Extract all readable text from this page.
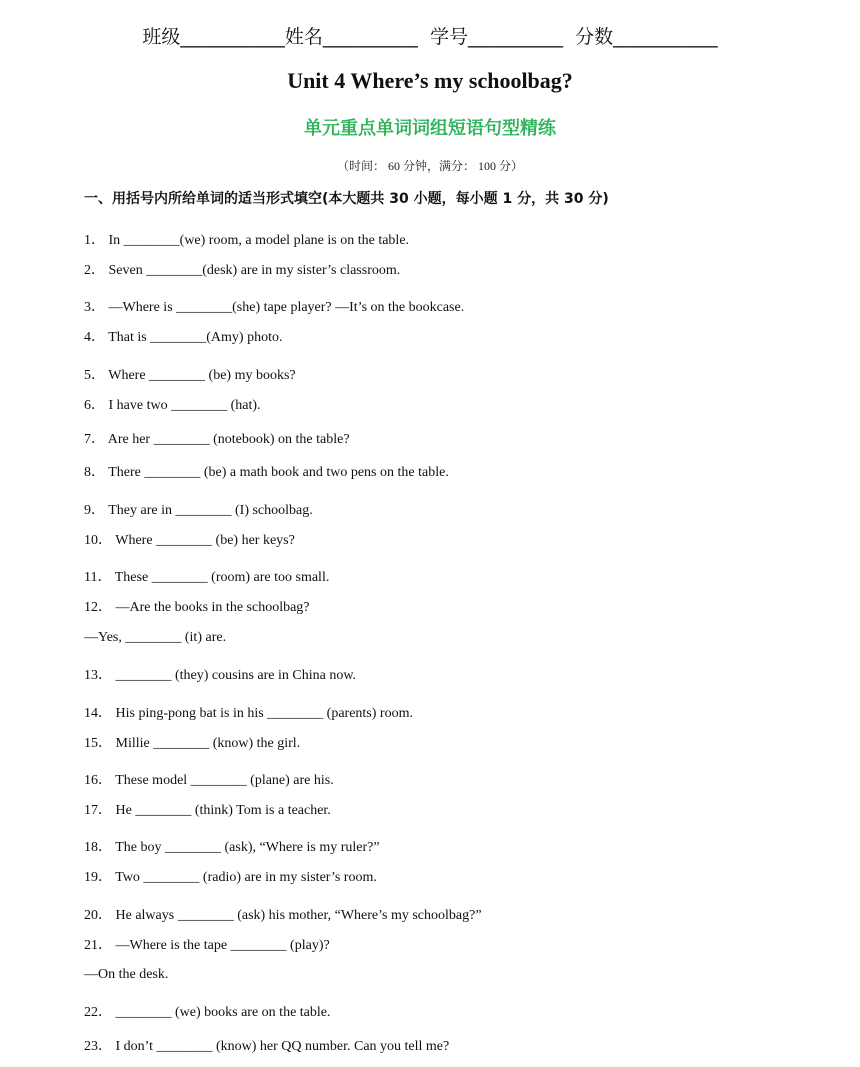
班级___________姓名__________ 学号__________ 分数___________
Unit 4 Where’s my schoolbag?
单元重点单词词组短语句型精练
（时间： 60 分钟，满分： 100 分）
一、用括号内所给单词的适当形式填空(本大题共 30 小题，每小题 1 分，共 30 分)
1． In ________(we) room, a model plane is on the table.
2． Seven ________(desk) are in my sister’s classroom.
3． —Where is ________(she) tape player? —It’s on the bookcase.
4． That is ________(Amy) photo.
5． Where ________ (be) my books?
6． I have two ________ (hat).
7． Are her ________ (notebook) on the table?
8． There ________ (be) a math book and two pens on the table.
9． They are in ________ (I) schoolbag.
10． Where ________ (be) her keys?
11． These ________ (room) are too small.
12． —Are the books in the schoolbag?
—Yes, ________ (it) are.
13． ________ (they) cousins are in China now.
14． His ping-pong bat is in his ________ (parents) room.
15． Millie ________ (know) the girl.
16． These model ________ (plane) are his.
17． He ________ (think) Tom is a teacher.
18． The boy ________ (ask), “Where is my ruler?”
19． Two ________ (radio) are in my sister’s room.
20． He always ________ (ask) his mother, “Where’s my schoolbag?”
21． —Where is the tape ________ (play)?
—On the desk.
22． ________ (we) books are on the table.
23． I don’t ________ (know) her QQ number. Can you tell me?
